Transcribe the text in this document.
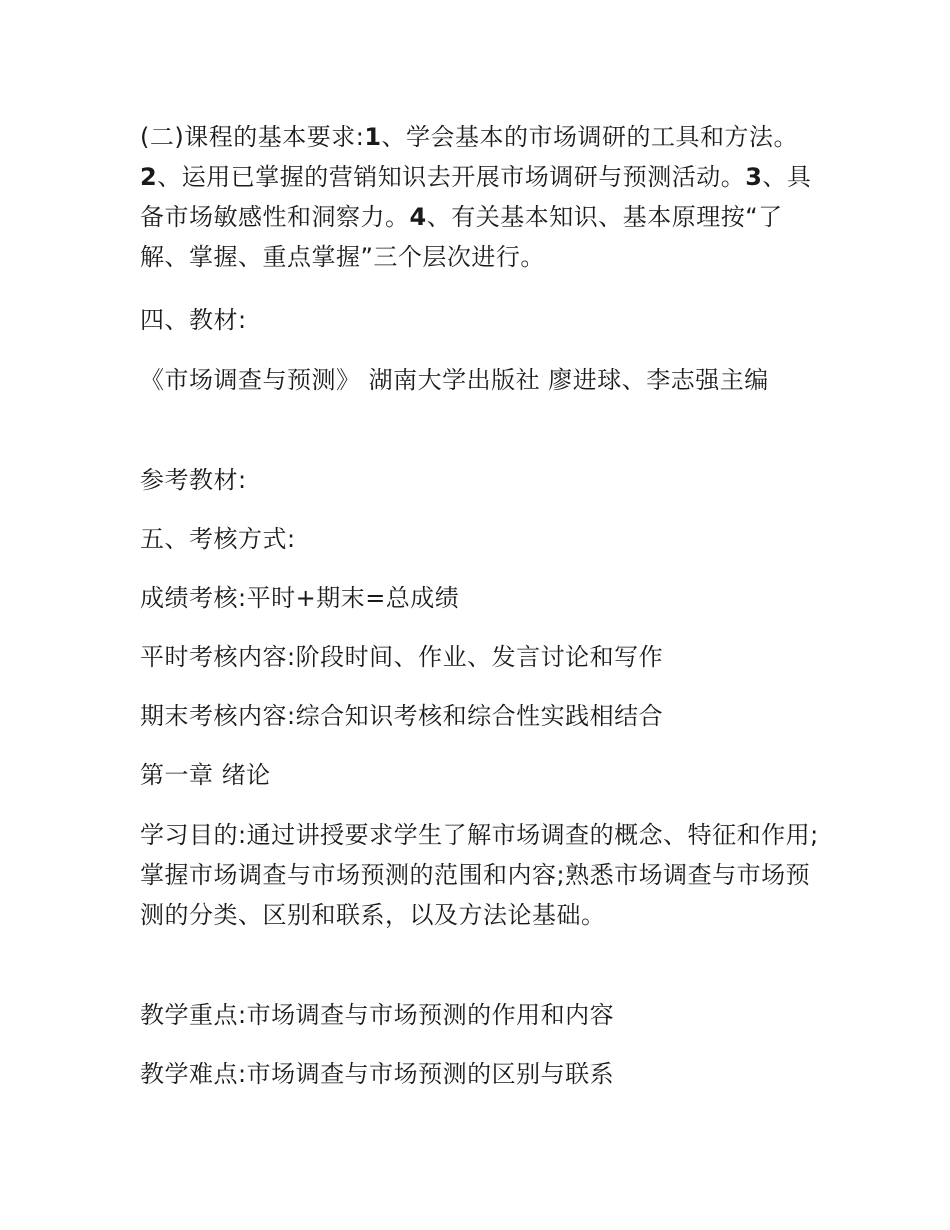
(二)课程的基本要求:1、学会基本的市场调研的工具和方法。2、运用已掌握的营销知识去开展市场调研与预测活动。3、具备市场敏感性和洞察力。4、有关基本知识、基本原理按“了解、掌握、重点掌握”三个层次进行。

四、教材:

《市场调查与预测》 湖南大学出版社 廖进球、李志强主编

参考教材:

五、考核方式:

成绩考核:平时+期末=总成绩

平时考核内容:阶段时间、作业、发言讨论和写作

期末考核内容:综合知识考核和综合性实践相结合

第一章 绪论

学习目的:通过讲授要求学生了解市场调查的概念、特征和作用;掌握市场调查与市场预测的范围和内容;熟悉市场调查与市场预测的分类、区别和联系，以及方法论基础。

教学重点:市场调查与市场预测的作用和内容

教学难点:市场调查与市场预测的区别与联系
